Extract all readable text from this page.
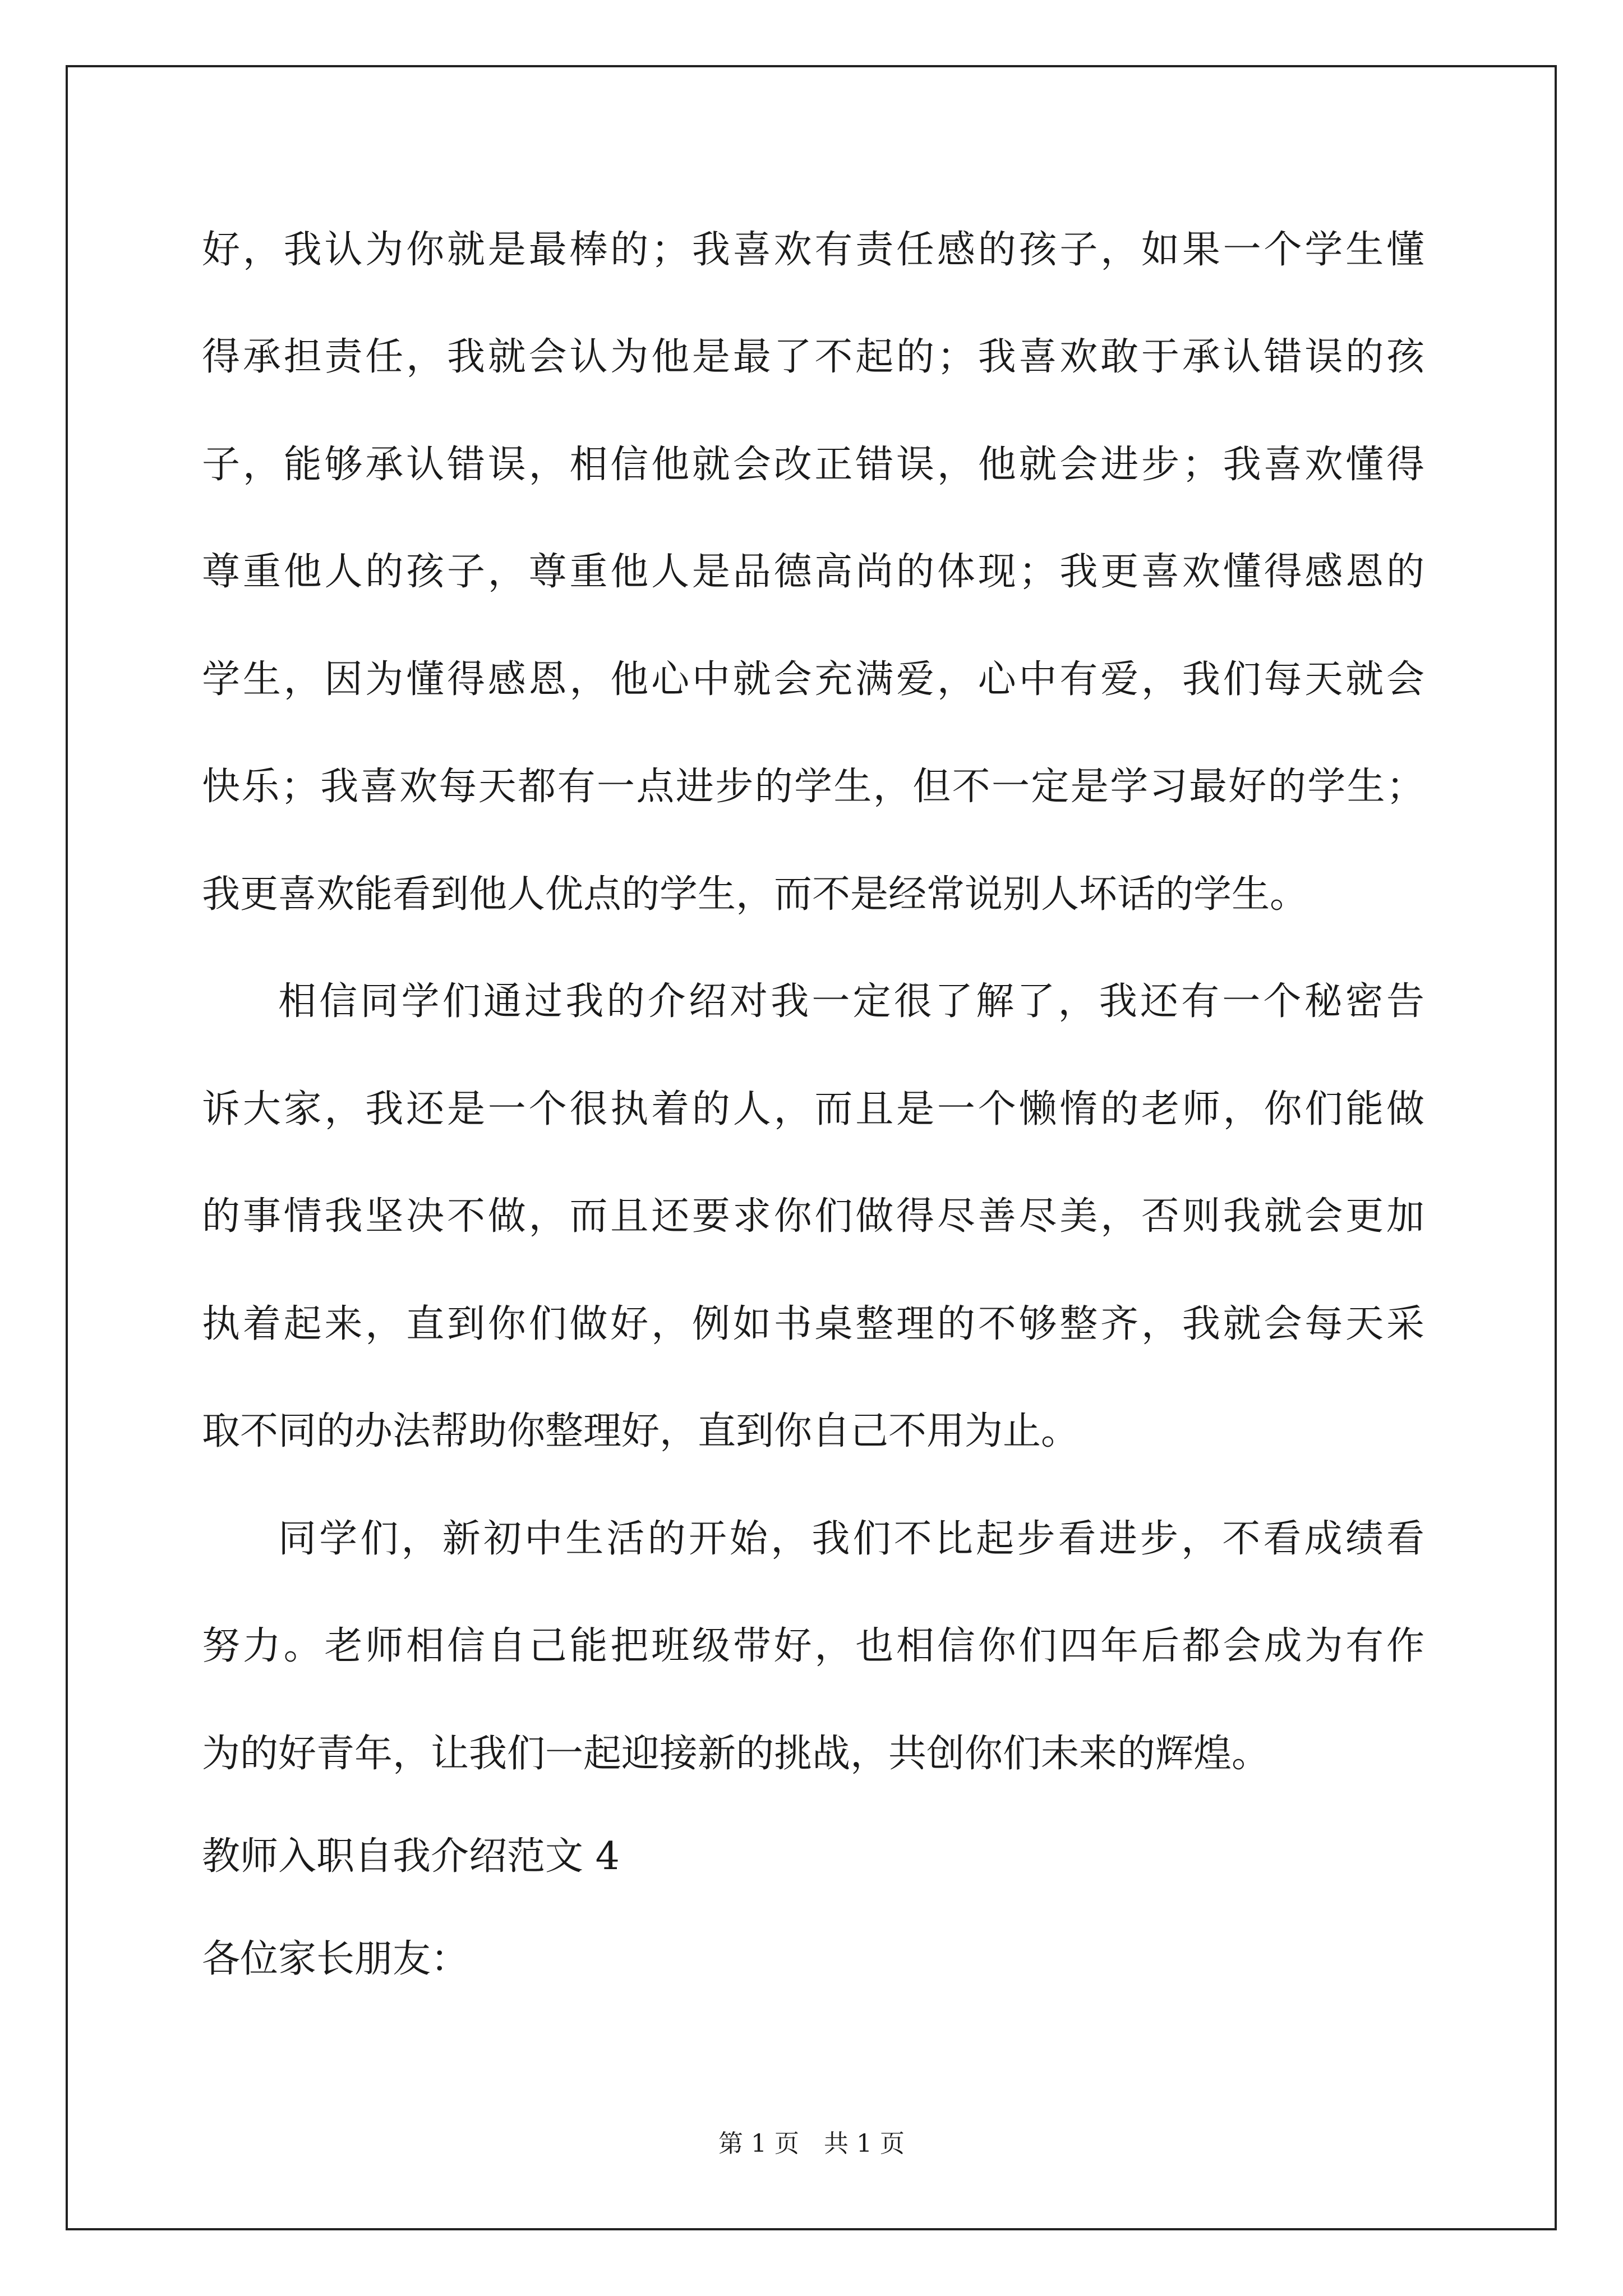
好，我认为你就是最棒的；我喜欢有责任感的孩子，如果一个学生懂
得承担责任，我就会认为他是最了不起的；我喜欢敢于承认错误的孩
子，能够承认错误，相信他就会改正错误，他就会进步；我喜欢懂得
尊重他人的孩子，尊重他人是品德高尚的体现；我更喜欢懂得感恩的
学生，因为懂得感恩，他心中就会充满爱，心中有爱，我们每天就会
快乐；我喜欢每天都有一点进步的学生，但不一定是学习最好的学生；
我更喜欢能看到他人优点的学生，而不是经常说别人坏话的学生。
相信同学们通过我的介绍对我一定很了解了，我还有一个秘密告
诉大家，我还是一个很执着的人，而且是一个懒惰的老师，你们能做
的事情我坚决不做，而且还要求你们做得尽善尽美，否则我就会更加
执着起来，直到你们做好，例如书桌整理的不够整齐，我就会每天采
取不同的办法帮助你整理好，直到你自己不用为止。
同学们，新初中生活的开始，我们不比起步看进步，不看成绩看
努力。老师相信自己能把班级带好，也相信你们四年后都会成为有作
为的好青年，让我们一起迎接新的挑战，共创你们未来的辉煌。
教师入职自我介绍范文 4
各位家长朋友：
第 1 页 共 1 页
